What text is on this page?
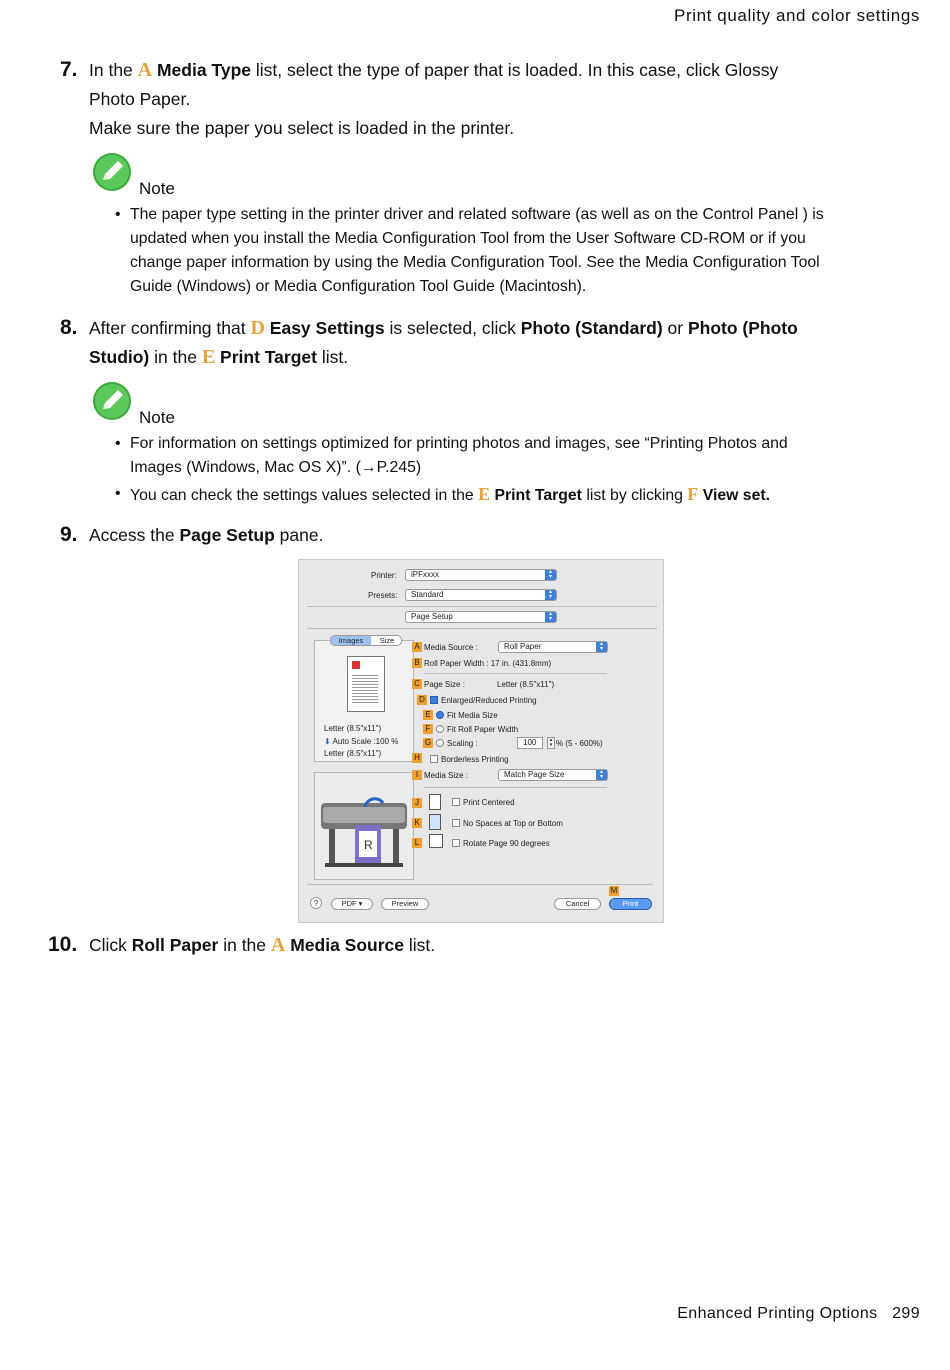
Print quality and color settings
Enhanced Printing Options 299
7. In the A Media Type list, select the type of paper that is loaded. In this case, click Glossy
Photo Paper.
Make sure the paper you select is loaded in the printer.
Note
• The paper type setting in the printer driver and related software (as well as on the Control Panel ) is
updated when you install the Media Configuration Tool from the User Software CD-ROM or if you
change paper information by using the Media Configuration Tool. See the Media Configuration Tool
Guide (Windows) or Media Configuration Tool Guide (Macintosh).
8. After confirming that D Easy Settings is selected, click Photo (Standard) or Photo (Photo
Studio) in the E Print Target list.
Note
• For information on settings optimized for printing photos and images, see “Printing Photos and
Images (Windows, Mac OS X)”. (→P.245)
• You can check the settings values selected in the E Print Target list by clicking F View set.
9. Access the Page Setup pane.
Printer:	iPFxxxx	▴
▾
Presets:	Standard	▴
▾
Page Setup	▴
▾
Images	Size
Letter (8.5"x11")
⬇ Auto Scale :100 %
Letter (8.5"x11")
R
A
B
C
D
E
F
G
H
I
J
K
L
M
Media Source :	Roll Paper	▴
▾
Roll Paper Width : 17 in. (431.8mm)
Page Size :	Letter (8.5"x11")
Enlarged/Reduced Printing
Fit Media Size
Fit Roll Paper Width
Scaling :	100	▴
▾ % (5 - 600%)
Borderless Printing
Media Size :	Match Page Size	▴
▾
Print Centered
No Spaces at Top or Bottom
Rotate Page 90 degrees
?	PDF ▾	Preview	Cancel	Print
10. Click Roll Paper in the A Media Source list.
